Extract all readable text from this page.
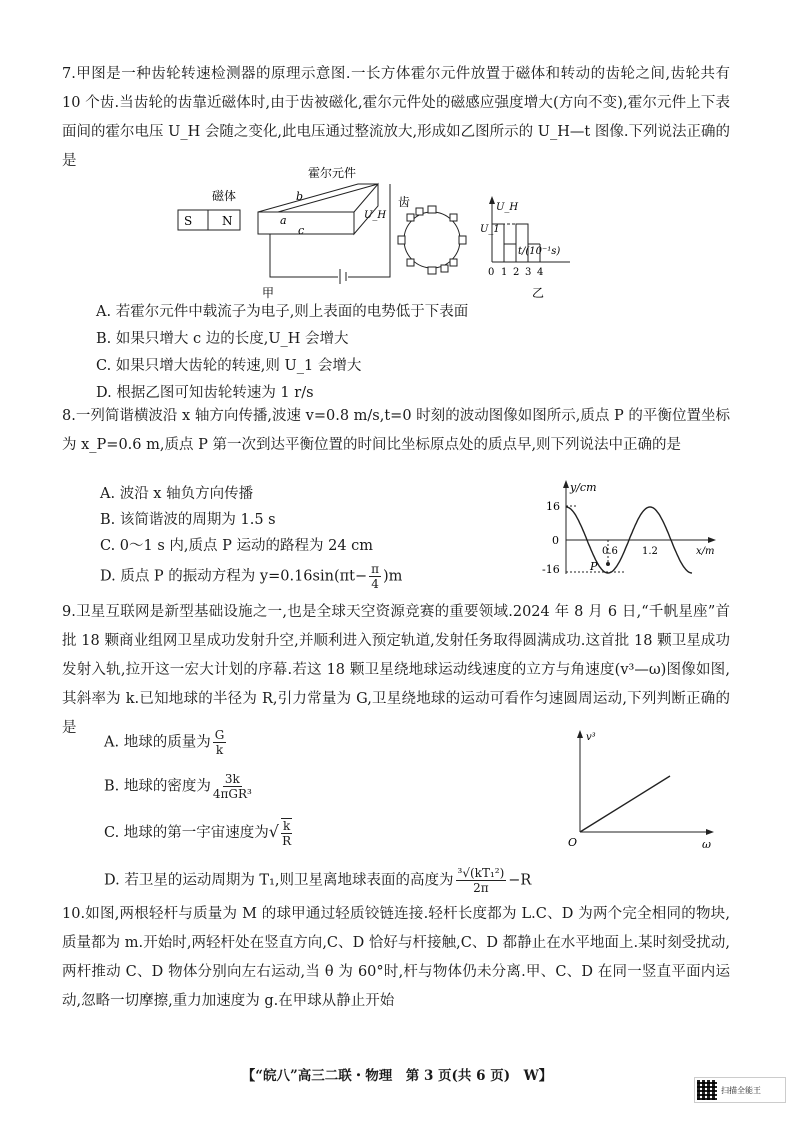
7.甲图是一种齿轮转速检测器的原理示意图.一长方体霍尔元件放置于磁体和转动的齿轮之间,齿轮共有 10 个齿.当齿轮的齿靠近磁体时,由于齿被磁化,霍尔元件处的磁感应强度增大(方向不变),霍尔元件上下表面间的霍尔电压 U_H 会随之变化,此电压通过整流放大,形成如乙图所示的 U_H—t 图像.下列说法正确的是

霍尔元件
磁体
S N	a
b
c
U_H
齿
甲
U_H
U_1
t/(10⁻¹s)
0 1 2 3 4
乙
A. 若霍尔元件中载流子为电子,则上表面的电势低于下表面
B. 如果只增大 c 边的长度,U_H 会增大
C. 如果只增大齿轮的转速,则 U_1 会增大
D. 根据乙图可知齿轮转速为 1 r/s

8.一列简谐横波沿 x 轴方向传播,波速 v=0.8 m/s,t=0 时刻的波动图像如图所示,质点 P 的平衡位置坐标为 x_P=0.6 m,质点 P 第一次到达平衡位置的时间比坐标原点处的质点早,则下列说法中正确的是

A. 波沿 x 轴负方向传播
B. 该简谐波的周期为 1.5 s
C. 0～1 s 内,质点 P 运动的路程为 24 cm
D. 质点 P 的振动方程为 $y=0.16\sin(\pi t- \frac{\pi}{4} )m$
y/cm
x/m
16
0
-16
0.6 1.2
P

9.卫星互联网是新型基础设施之一,也是全球天空资源竞赛的重要领域.2024 年 8 月 6 日,“千帆星座”首批 18 颗商业组网卫星成功发射升空,并顺利进入预定轨道,发射任务取得圆满成功.这首批 18 颗卫星成功发射入轨,拉开这一宏大计划的序幕.若这 18 颗卫星绕地球运动线速度的立方与角速度(v³—ω)图像如图,其斜率为 k.已知地球的半径为 R,引力常量为 G,卫星绕地球的运动可看作匀速圆周运动,下列判断正确的是

A. 地球的质量为 $\frac{G}{k}$
B. 地球的密度为 $\frac{3k}{\text{4πGR³}}$
C. 地球的第一宇宙速度为√ $\frac{k}{R}$
D. 若卫星的运动周期为 T₁,则卫星离地球表面的高度为 $\frac{\text{³√(kT₁²)}}{2\pi} -R$
v³
ω
O

10.如图,两根轻杆与质量为 M 的球甲通过轻质铰链连接.轻杆长度都为 L.C、D 为两个完全相同的物块,质量都为 m.开始时,两轻杆处在竖直方向,C、D 恰好与杆接触,C、D 都静止在水平地面上.某时刻受扰动,两杆推动 C、D 物体分别向左右运动,当 θ 为 60°时,杆与物体仍未分离.甲、C、D 在同一竖直平面内运动,忽略一切摩擦,重力加速度为 g.在甲球从静止开始

【“皖八”高三二联・物理　第 3 页(共 6 页)　W】
扫描全能王
